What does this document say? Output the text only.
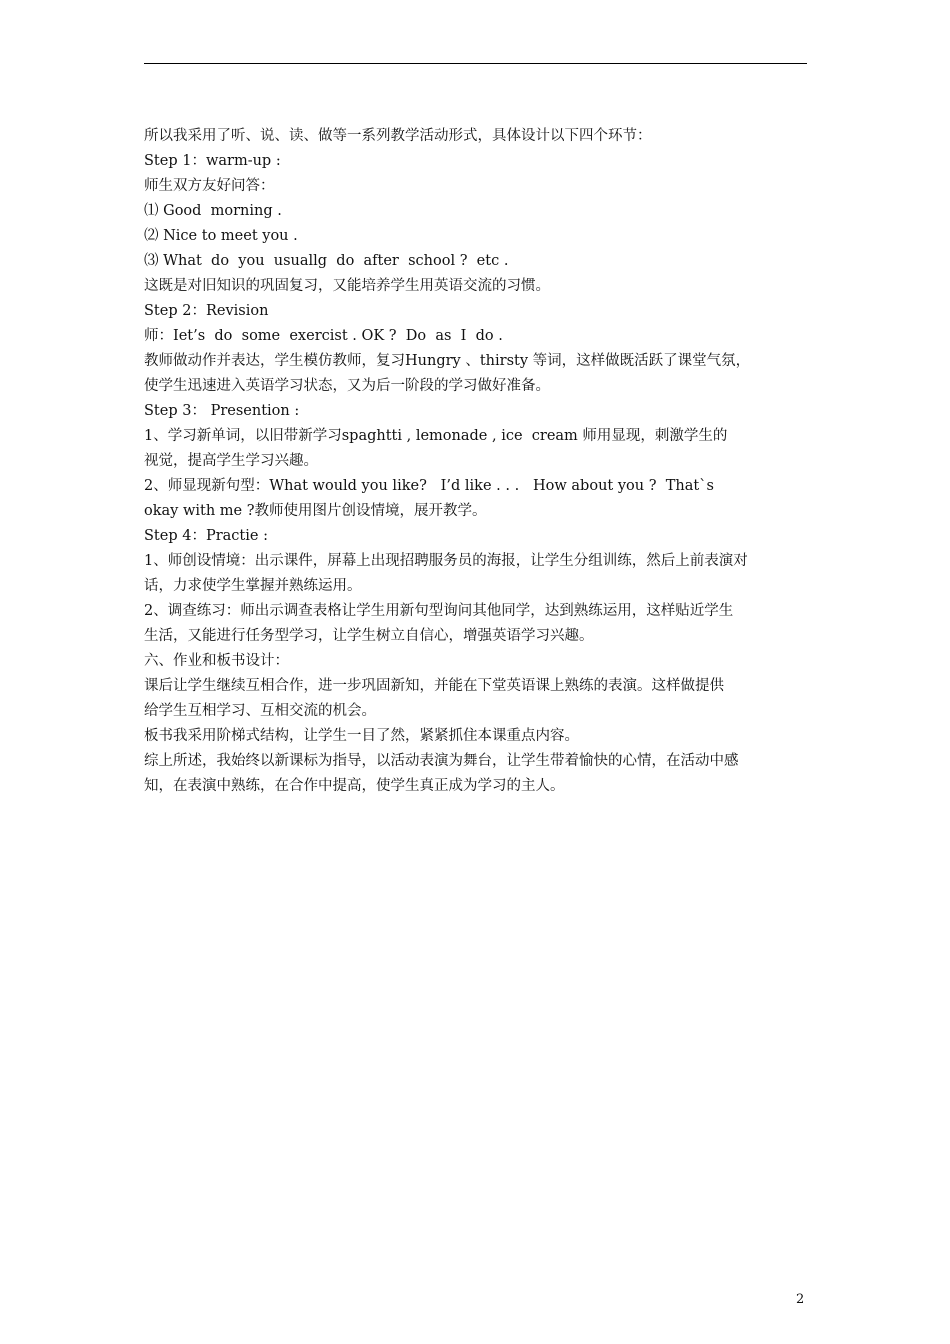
所以我采用了听、说、读、做等一系列教学活动形式，具体设计以下四个环节：
Step 1：warm-up :
师生双方友好问答：
⑴ Good  morning .
⑵ Nice to meet you .
⑶ What  do  you  usuallg  do  after  school ?  etc .
这既是对旧知识的巩固复习，又能培养学生用英语交流的习惯。
Step 2：Revision
师：Iet’s  do  some  exercist . OK ?  Do  as  I  do .
教师做动作并表达，学生模仿教师，复习Hungry 、thirsty 等词，这样做既活跃了课堂气氛，
使学生迅速进入英语学习状态，又为后一阶段的学习做好准备。
Step 3： Presention :
1、学习新单词，以旧带新学习spaghtti , lemonade , ice  cream 师用显现，刺激学生的
视觉，提高学生学习兴趣。
2、师显现新句型：What would you like?   I’d like . . .   How about you ?  That`s
okay with me ?教师使用图片创设情境，展开教学。
Step 4：Practie :
1、师创设情境：出示课件，屏幕上出现招聘服务员的海报，让学生分组训练，然后上前表演对
话，力求使学生掌握并熟练运用。
2、调查练习：师出示调查表格让学生用新句型询问其他同学，达到熟练运用，这样贴近学生
生活，又能进行任务型学习，让学生树立自信心，增强英语学习兴趣。
六、作业和板书设计：
课后让学生继续互相合作，进一步巩固新知，并能在下堂英语课上熟练的表演。这样做提供
给学生互相学习、互相交流的机会。
板书我采用阶梯式结构，让学生一目了然，紧紧抓住本课重点内容。
综上所述，我始终以新课标为指导，以活动表演为舞台，让学生带着愉快的心情，在活动中感
知，在表演中熟练，在合作中提高，使学生真正成为学习的主人。
2
